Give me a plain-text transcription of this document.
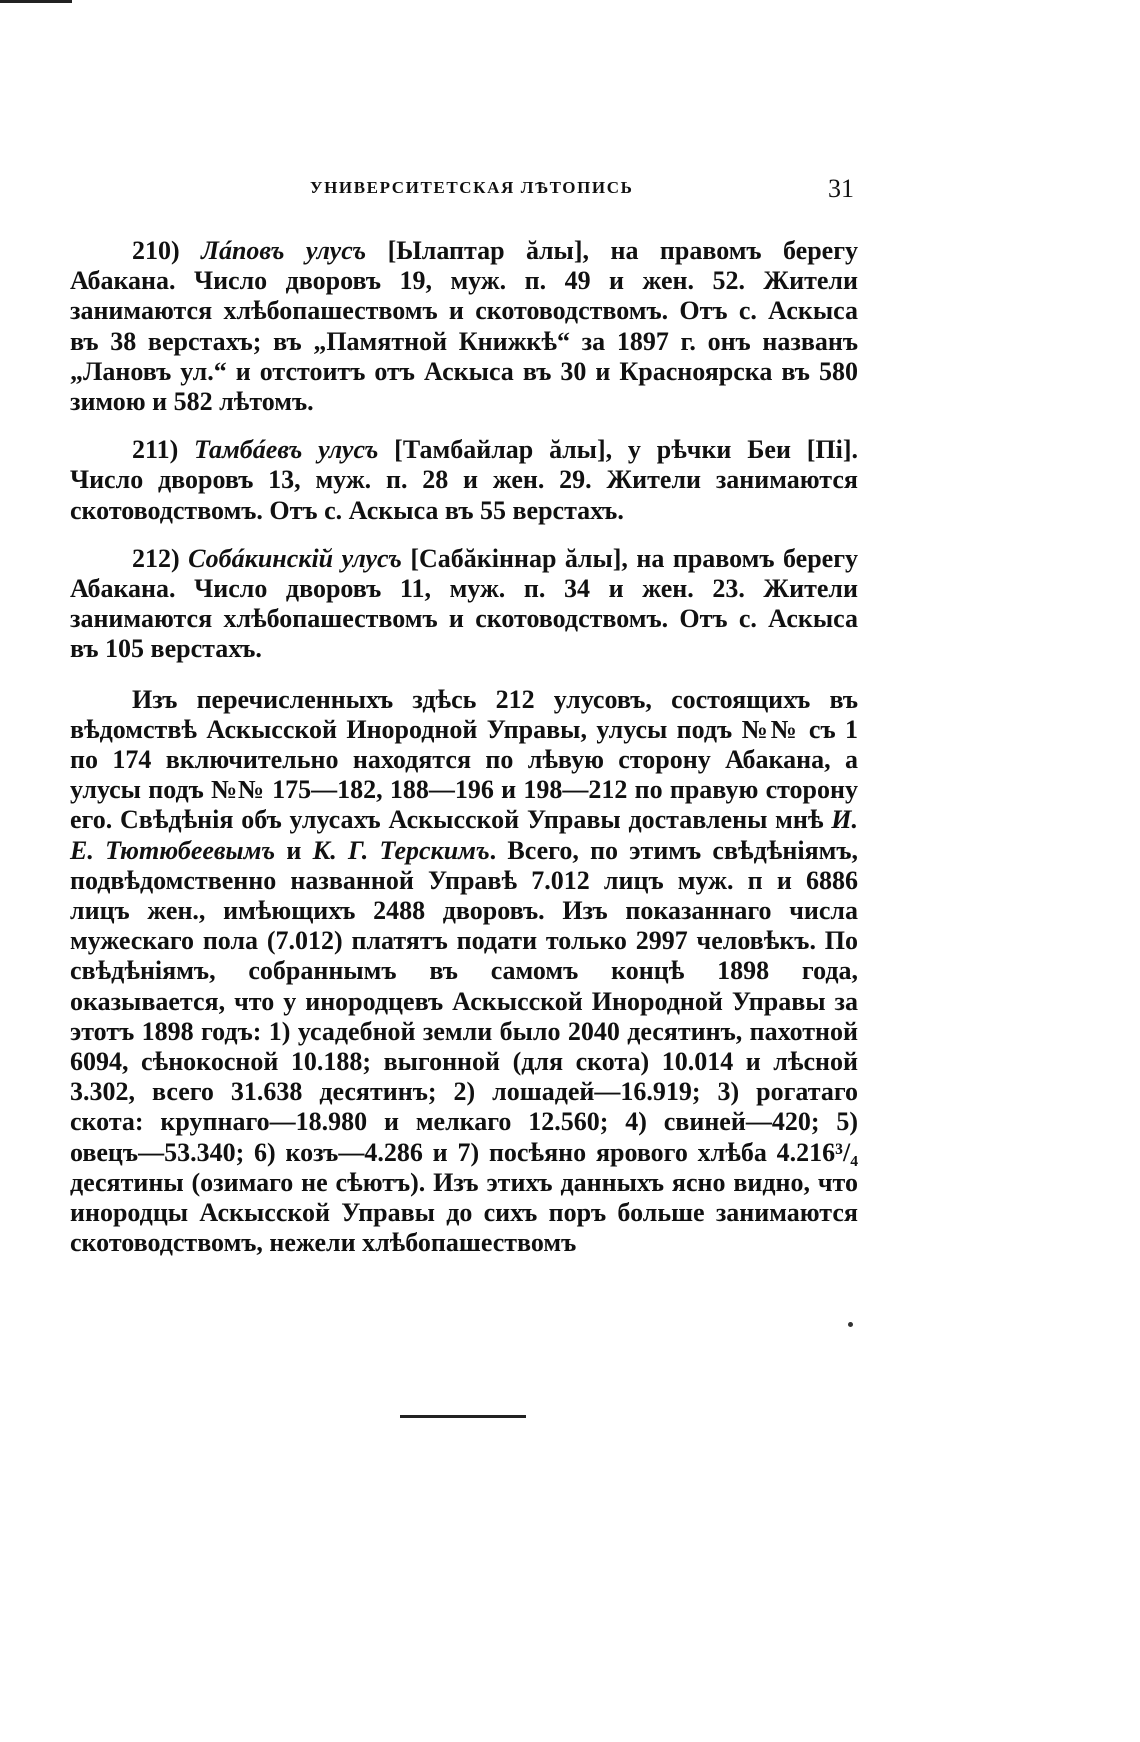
УНИВЕРСИТЕТСКАЯ ЛѢТОПИСЬ	31

210) Лáповъ улусъ [Ылаптар ăлы], на правомъ берегу Абакана. Число дворовъ 19, муж. п. 49 и жен. 52. Жители занимаются хлѣбопашествомъ и скотоводствомъ. Отъ с. Аскыса въ 38 верстахъ; въ „Памятной Книжкѣ“ за 1897 г. онъ названъ „Лановъ ул.“ и отстоитъ отъ Аскыса въ 30 и Красноярска въ 580 зимою и 582 лѣтомъ.

211) Тамбáевъ улусъ [Тамбайлар ăлы], у рѣчки Беи [Пі]. Число дворовъ 13, муж. п. 28 и жен. 29. Жители занимаются скотоводствомъ. Отъ с. Аскыса въ 55 верстахъ.

212) Собáкинскій улусъ [Сабăкіннар ăлы], на правомъ берегу Абакана. Число дворовъ 11, муж. п. 34 и жен. 23. Жители занимаются хлѣбопашествомъ и скотоводствомъ. Отъ с. Аскыса въ 105 верстахъ.

Изъ перечисленныхъ здѣсь 212 улусовъ, состоящихъ въ вѣдомствѣ Аскысской Инородной Управы, улусы подъ №№ съ 1 по 174 включительно находятся по лѣвую сторону Абакана, а улусы подъ №№ 175—182, 188—196 и 198—212 по правую сторону его. Свѣдѣнія объ улусахъ Аскысской Управы доставлены мнѣ И. Е. Тютюбеевымъ и К. Г. Терскимъ. Всего, по этимъ свѣдѣніямъ, подвѣдомственно названной Управѣ 7.012 лицъ муж. п и 6886 лицъ жен., имѣющихъ 2488 дворовъ. Изъ показаннаго числа мужескаго пола (7.012) платятъ подати только 2997 человѣкъ. По свѣдѣніямъ, собраннымъ въ самомъ концѣ 1898 года, оказывается, что у инородцевъ Аскысской Инородной Управы за этотъ 1898 годъ: 1) усадебной земли было 2040 десятинъ, пахотной 6094, сѣнокосной 10.188; выгонной (для скота) 10.014 и лѣсной 3.302, всего 31.638 десятинъ; 2) лошадей—16.919; 3) рогатаго скота: крупнаго—18.980 и мелкаго 12.560; 4) свиней—420; 5) овецъ—53.340; 6) козъ—4.286 и 7) посѣяно ярового хлѣба 4.216³/₄ десятины (озимаго не сѣютъ). Изъ этихъ данныхъ ясно видно, что инородцы Аскысской Управы до сихъ поръ больше занимаются скотоводствомъ, нежели хлѣбопашествомъ
